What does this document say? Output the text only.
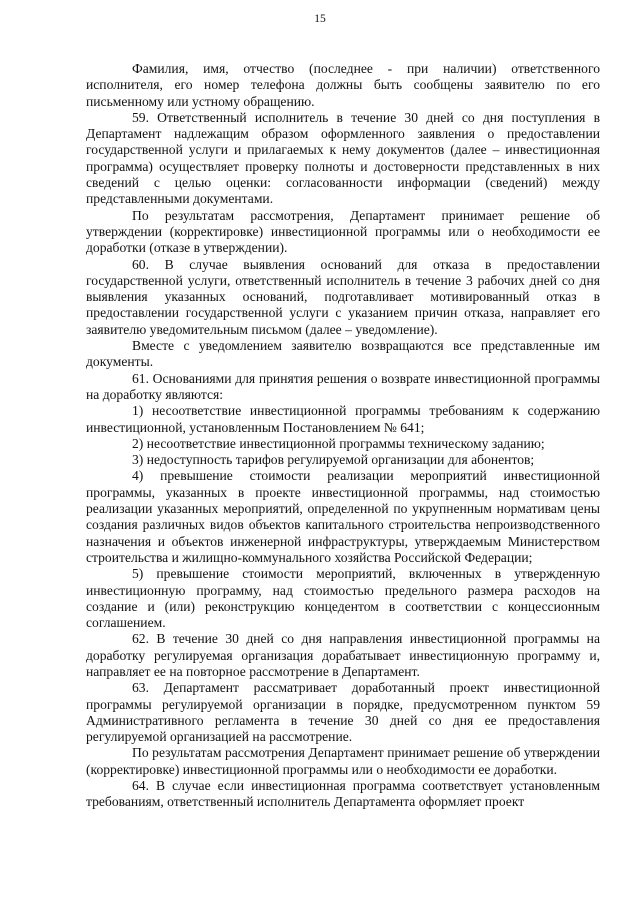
15

Фамилия, имя, отчество (последнее - при наличии) ответственного исполнителя, его номер телефона должны быть сообщены заявителю по его письменному или устному обращению.

59. Ответственный исполнитель в течение 30 дней со дня поступления в Департамент надлежащим образом оформленного заявления о предоставлении государственной услуги и прилагаемых к нему документов (далее – инвестиционная программа) осуществляет проверку полноты и достоверности представленных в них сведений с целью оценки: согласованности информации (сведений) между представленными документами.

По результатам рассмотрения, Департамент принимает решение об утверждении (корректировке) инвестиционной программы или о необходимости ее доработки (отказе в утверждении).

60. В случае выявления оснований для отказа в предоставлении государственной услуги, ответственный исполнитель в течение 3 рабочих дней со дня выявления указанных оснований, подготавливает мотивированный отказ в предоставлении государственной услуги с указанием причин отказа, направляет его заявителю уведомительным письмом (далее – уведомление).

Вместе с уведомлением заявителю возвращаются все представленные им документы.

61. Основаниями для принятия решения о возврате инвестиционной программы на доработку являются:

1) несоответствие инвестиционной программы требованиям к содержанию инвестиционной, установленным Постановлением № 641;

2) несоответствие инвестиционной программы техническому заданию;

3) недоступность тарифов регулируемой организации для абонентов;

4) превышение стоимости реализации мероприятий инвестиционной программы, указанных в проекте инвестиционной программы, над стоимостью реализации указанных мероприятий, определенной по укрупненным нормативам цены создания различных видов объектов капитального строительства непроизводственного назначения и объектов инженерной инфраструктуры, утверждаемым Министерством строительства и жилищно-коммунального хозяйства Российской Федерации;

5) превышение стоимости мероприятий, включенных в утвержденную инвестиционную программу, над стоимостью предельного размера расходов на создание и (или) реконструкцию концедентом в соответствии с концессионным соглашением.

62. В течение 30 дней со дня направления инвестиционной программы на доработку регулируемая организация дорабатывает инвестиционную программу и, направляет ее на повторное рассмотрение в Департамент.

63. Департамент рассматривает доработанный проект инвестиционной программы регулируемой организации в порядке, предусмотренном пунктом 59 Административного регламента в течение 30 дней со дня ее предоставления регулируемой организацией на рассмотрение.

По результатам рассмотрения Департамент принимает решение об утверждении (корректировке) инвестиционной программы или о необходимости ее доработки.

64. В случае если инвестиционная программа соответствует установленным требованиям, ответственный исполнитель Департамента оформляет проект
